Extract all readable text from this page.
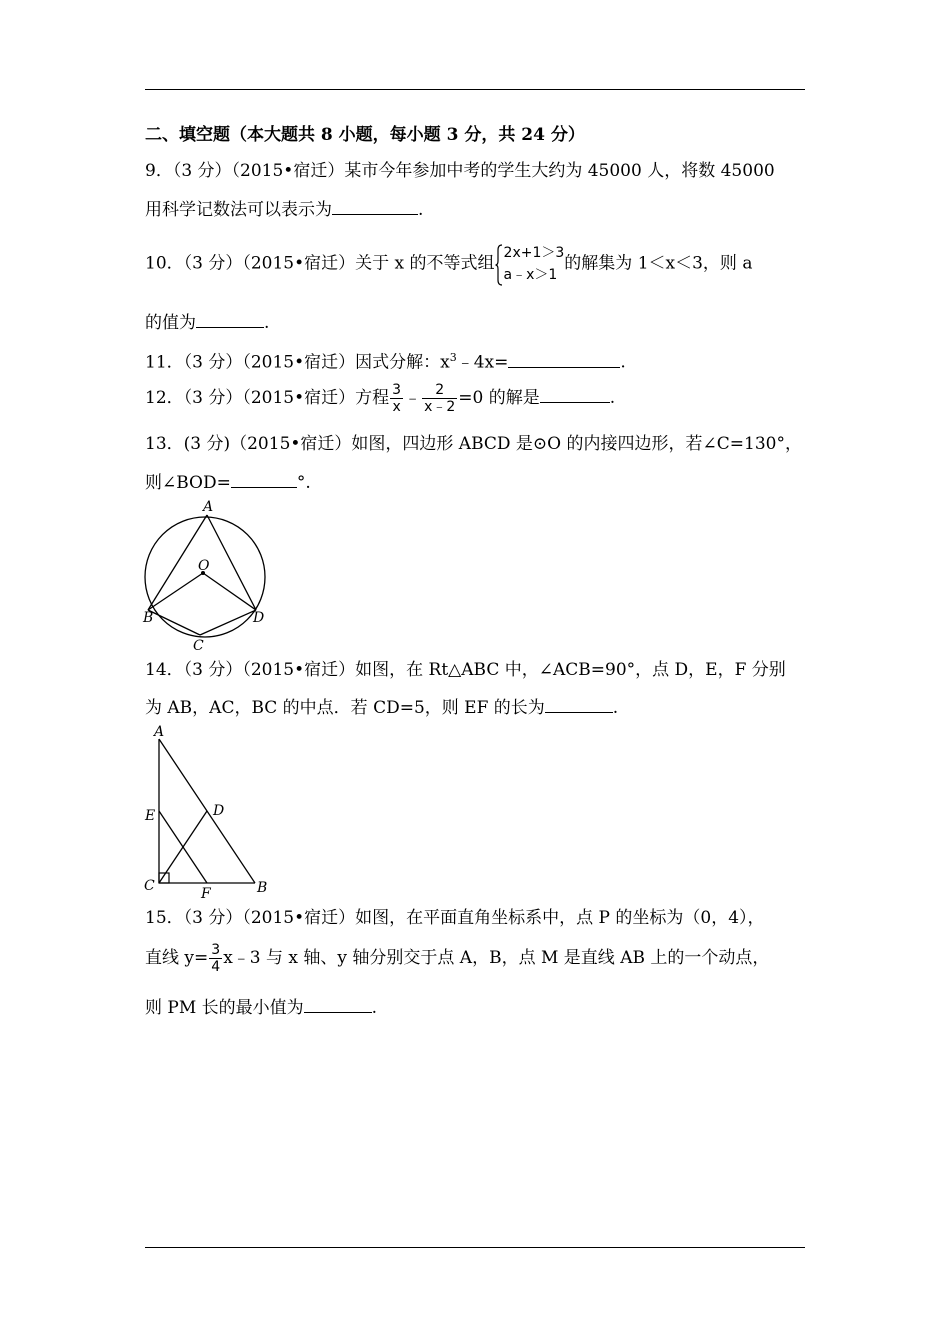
二、填空题（本大题共 8 小题，每小题 3 分，共 24 分）
9．（3 分）（2015•宿迁）某市今年参加中考的学生大约为 45000 人，将数 45000
用科学记数法可以表示为	.
10．（3 分）（2015•宿迁）关于 x 的不等式组
2x+1＞3
a﹣x＞1
的解集为 1＜x＜3，则 a
的值为	.
11．（3 分）（2015•宿迁）因式分解：$x^3﹣4x=$	.
12．（3 分）（2015•宿迁）方程 $\frac{3}{x}$ ﹣ $\frac{2}{x﹣2} =0$ 的解是	.
13．(3 分)（2015•宿迁）如图，四边形 ABCD 是⊙O 的内接四边形，若∠C=130°，
则∠BOD=	°.
A
O
B
C
D
14．（3 分）（2015•宿迁）如图，在 Rt△ABC 中，∠ACB=90°，点 D，E，F 分别
为 AB，AC，BC 的中点．若 CD=5，则 EF 的长为	.
A
E	D
C	F	B
15．（3 分）（2015•宿迁）如图，在平面直角坐标系中，点 P 的坐标为（0，4），
直线 $y= \frac{3}{4}$ x﹣3 与 x 轴、y 轴分别交于点 A，B，点 M 是直线 AB 上的一个动点，
则 PM 长的最小值为	.
